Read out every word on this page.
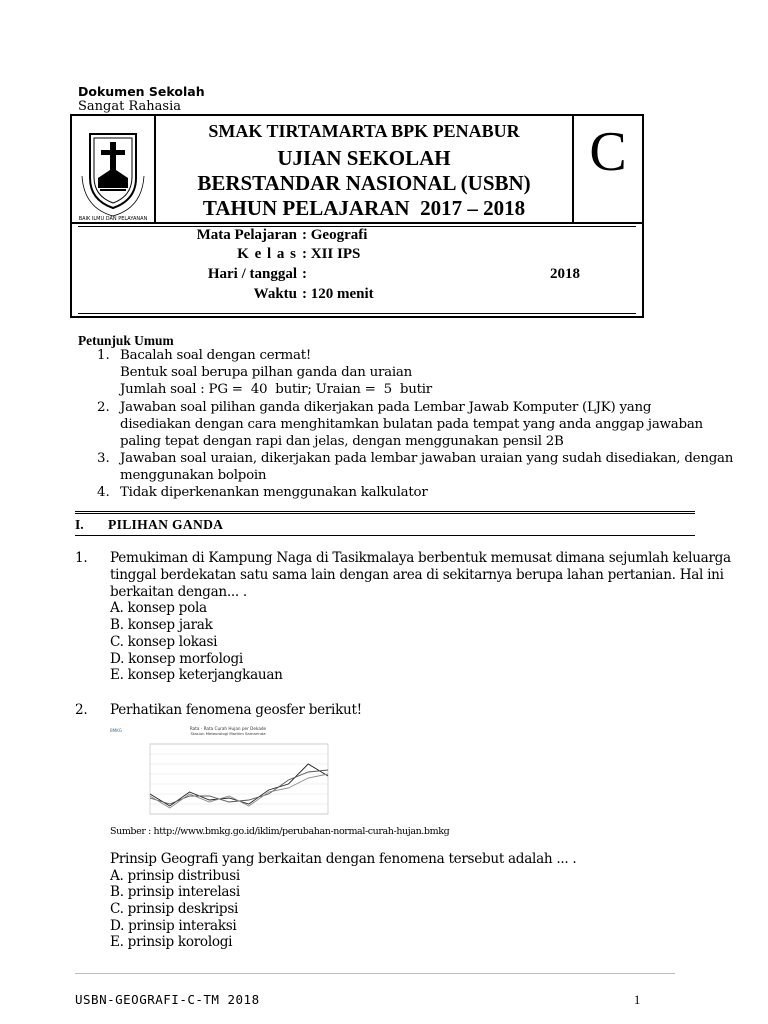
Dokumen Sekolah
Sangat Rahasia
BAIK ILMU DAN PELAYANAN
SMAK TIRTAMARTA BPK PENABUR
UJIAN SEKOLAH
BERSTANDAR NASIONAL (USBN)
TAHUN PELAJARAN  2017 – 2018
C
Mata Pelajaran : Geografi
K e l a s : XII IPS
Hari / tanggal :	2018
Waktu : 120 menit
Petunjuk Umum
1. Bacalah soal dengan cermat!
Bentuk soal berupa pilhan ganda dan uraian
Jumlah soal : PG =  40  butir; Uraian =  5  butir
2. Jawaban soal pilihan ganda dikerjakan pada Lembar Jawab Komputer (LJK) yang
disediakan dengan cara menghitamkan bulatan pada tempat yang anda anggap jawaban
paling tepat dengan rapi dan jelas, dengan menggunakan pensil 2B
3. Jawaban soal uraian, dikerjakan pada lembar jawaban uraian yang sudah disediakan, dengan
menggunakan bolpoin
4. Tidak diperkenankan menggunakan kalkulator
I. PILIHAN GANDA
1. Pemukiman di Kampung Naga di Tasikmalaya berbentuk memusat dimana sejumlah keluarga
tinggal berdekatan satu sama lain dengan area di sekitarnya berupa lahan pertanian. Hal ini
berkaitan dengan... .
A. konsep pola
B. konsep jarak
C. konsep lokasi
D. konsep morfologi
E. konsep keterjangkauan
2. Perhatikan fenomena geosfer berikut!
BMKG	Rata - Rata Curah Hujan per Dekade
Stasiun Meteorologi Maritim Samarinda
Sumber : http://www.bmkg.go.id/iklim/perubahan-normal-curah-hujan.bmkg
Prinsip Geografi yang berkaitan dengan fenomena tersebut adalah ... .
A. prinsip distribusi
B. prinsip interelasi
C. prinsip deskripsi
D. prinsip interaksi
E. prinsip korologi
USBN-GEOGRAFI-C-TM 2018	1
